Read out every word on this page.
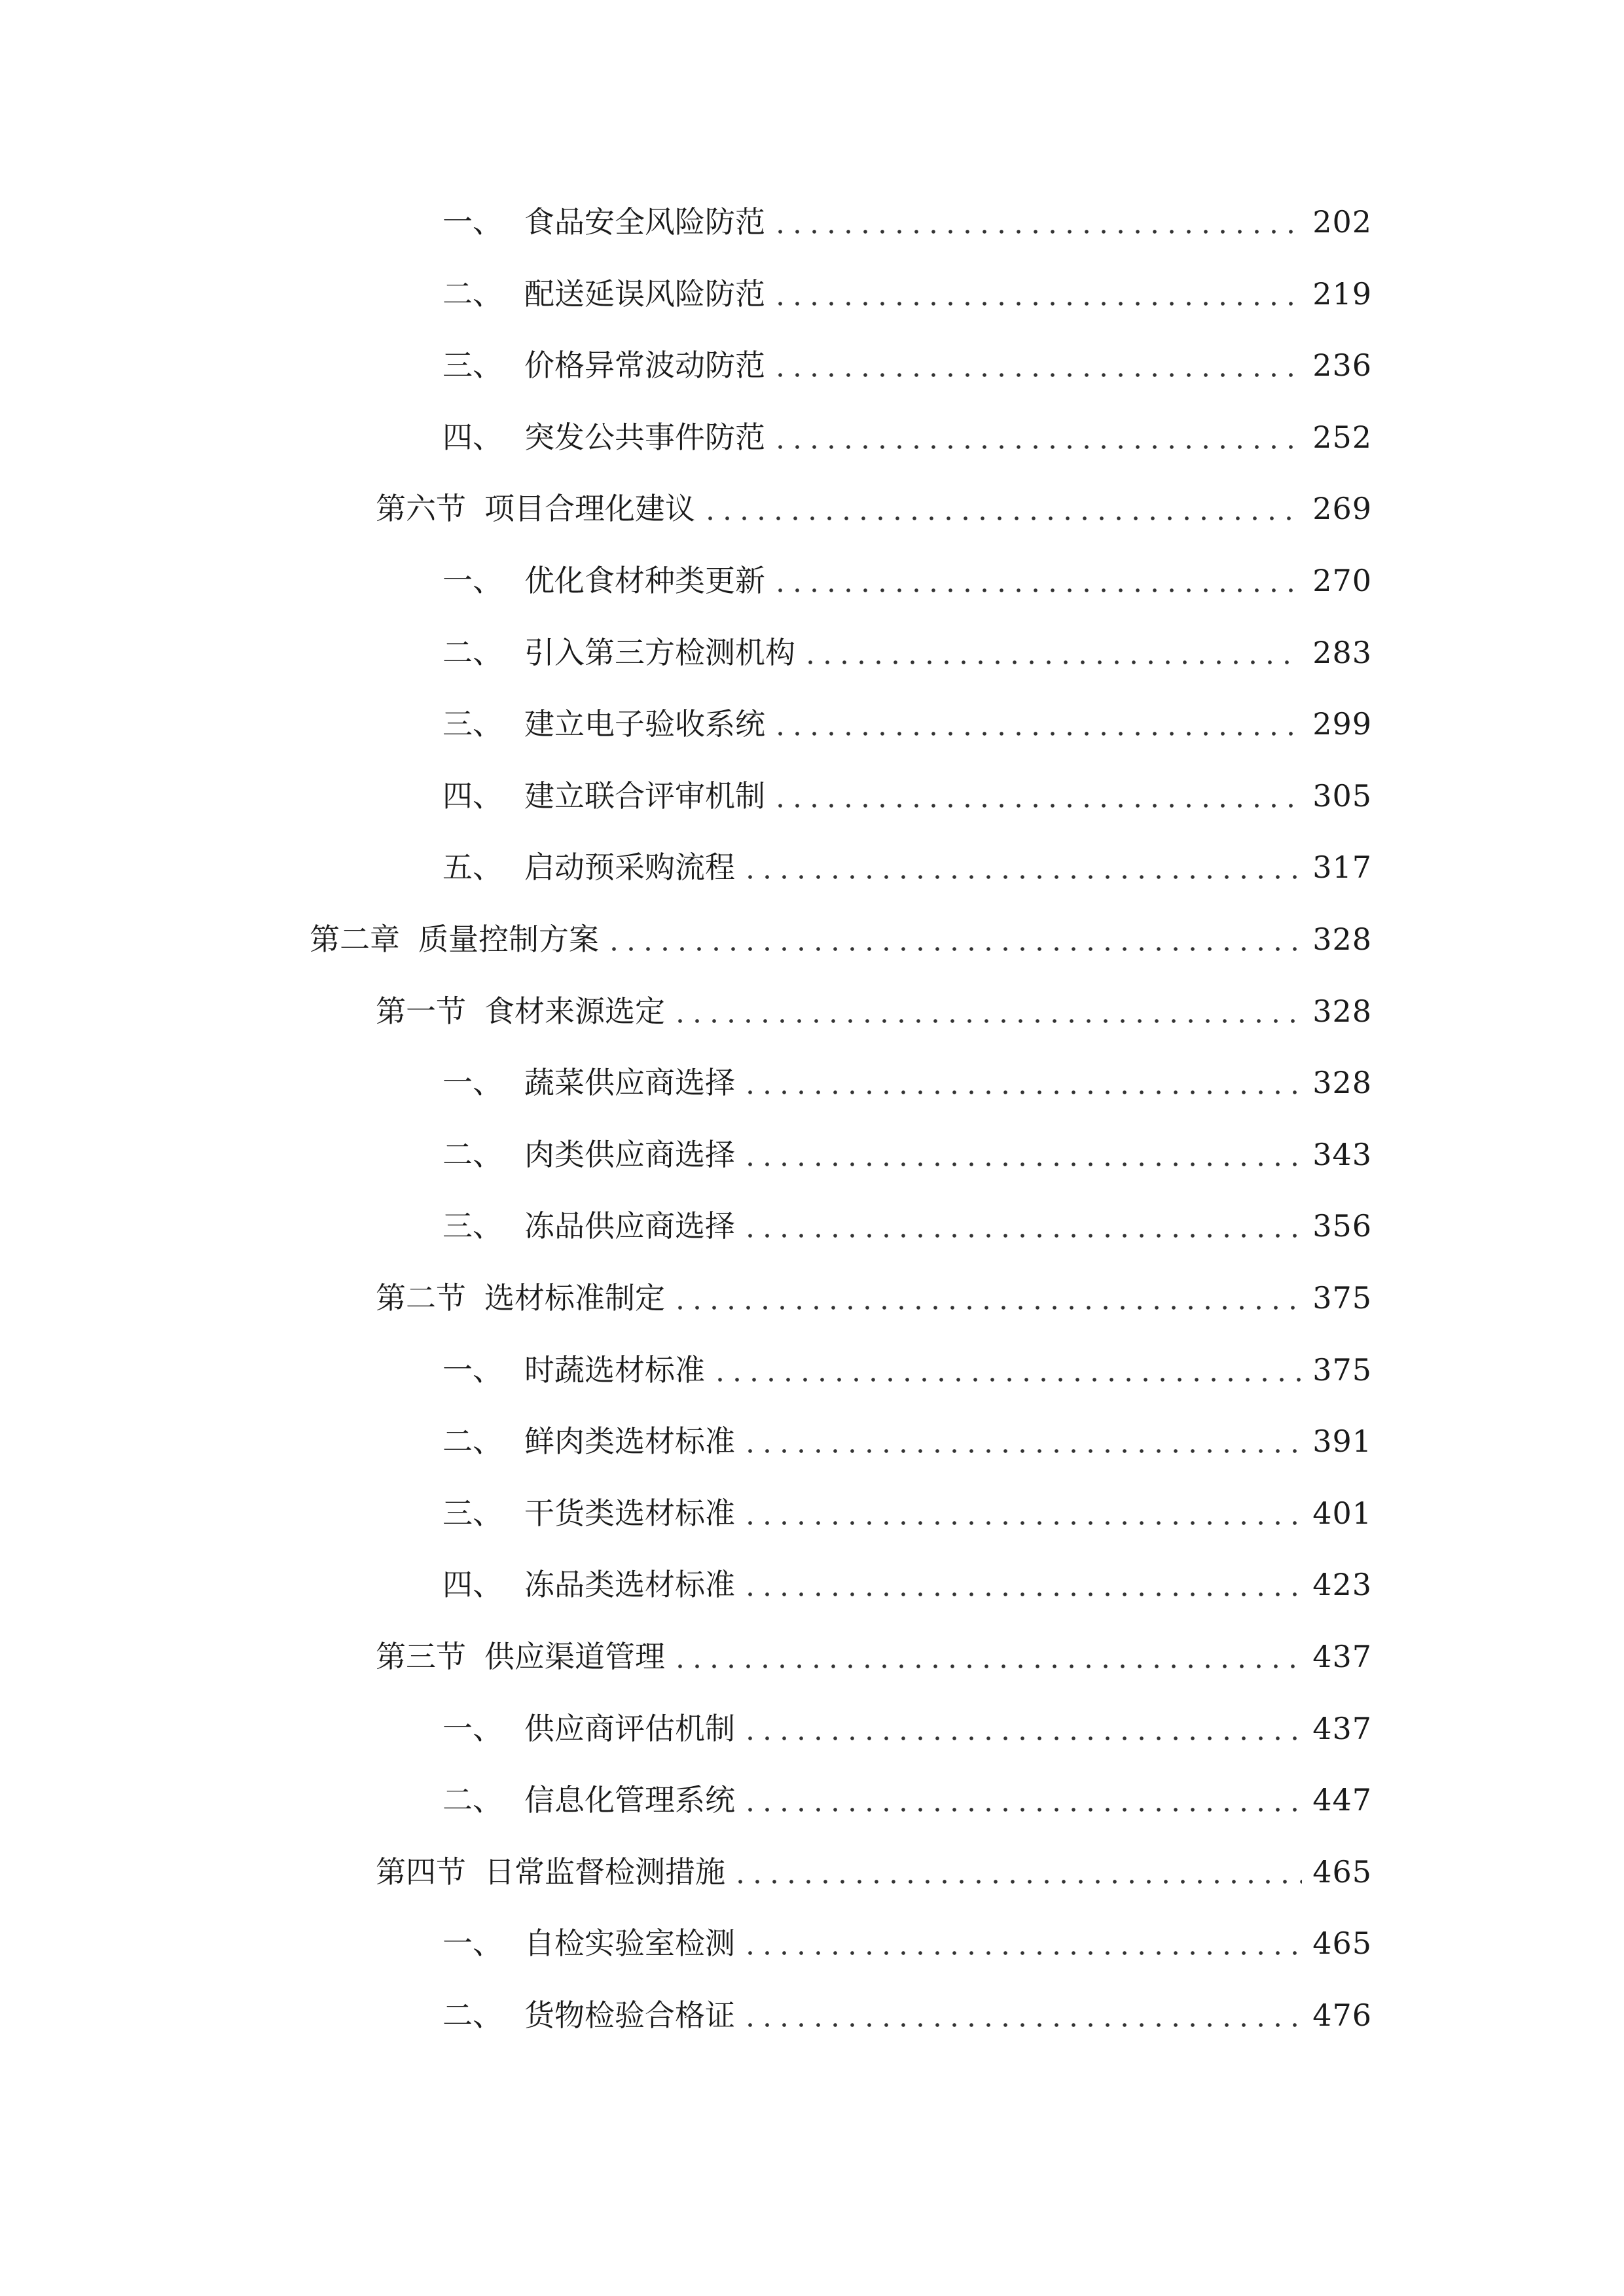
一、 食品安全风险防范	202
二、 配送延误风险防范	219
三、 价格异常波动防范	236
四、 突发公共事件防范	252
第六节 项目合理化建议	269
一、 优化食材种类更新	270
二、 引入第三方检测机构	283
三、 建立电子验收系统	299
四、 建立联合评审机制	305
五、 启动预采购流程	317
第二章 质量控制方案	328
第一节 食材来源选定	328
一、 蔬菜供应商选择	328
二、 肉类供应商选择	343
三、 冻品供应商选择	356
第二节 选材标准制定	375
一、 时蔬选材标准	375
二、 鲜肉类选材标准	391
三、 干货类选材标准	401
四、 冻品类选材标准	423
第三节 供应渠道管理	437
一、 供应商评估机制	437
二、 信息化管理系统	447
第四节 日常监督检测措施	465
一、 自检实验室检测	465
二、 货物检验合格证	476
